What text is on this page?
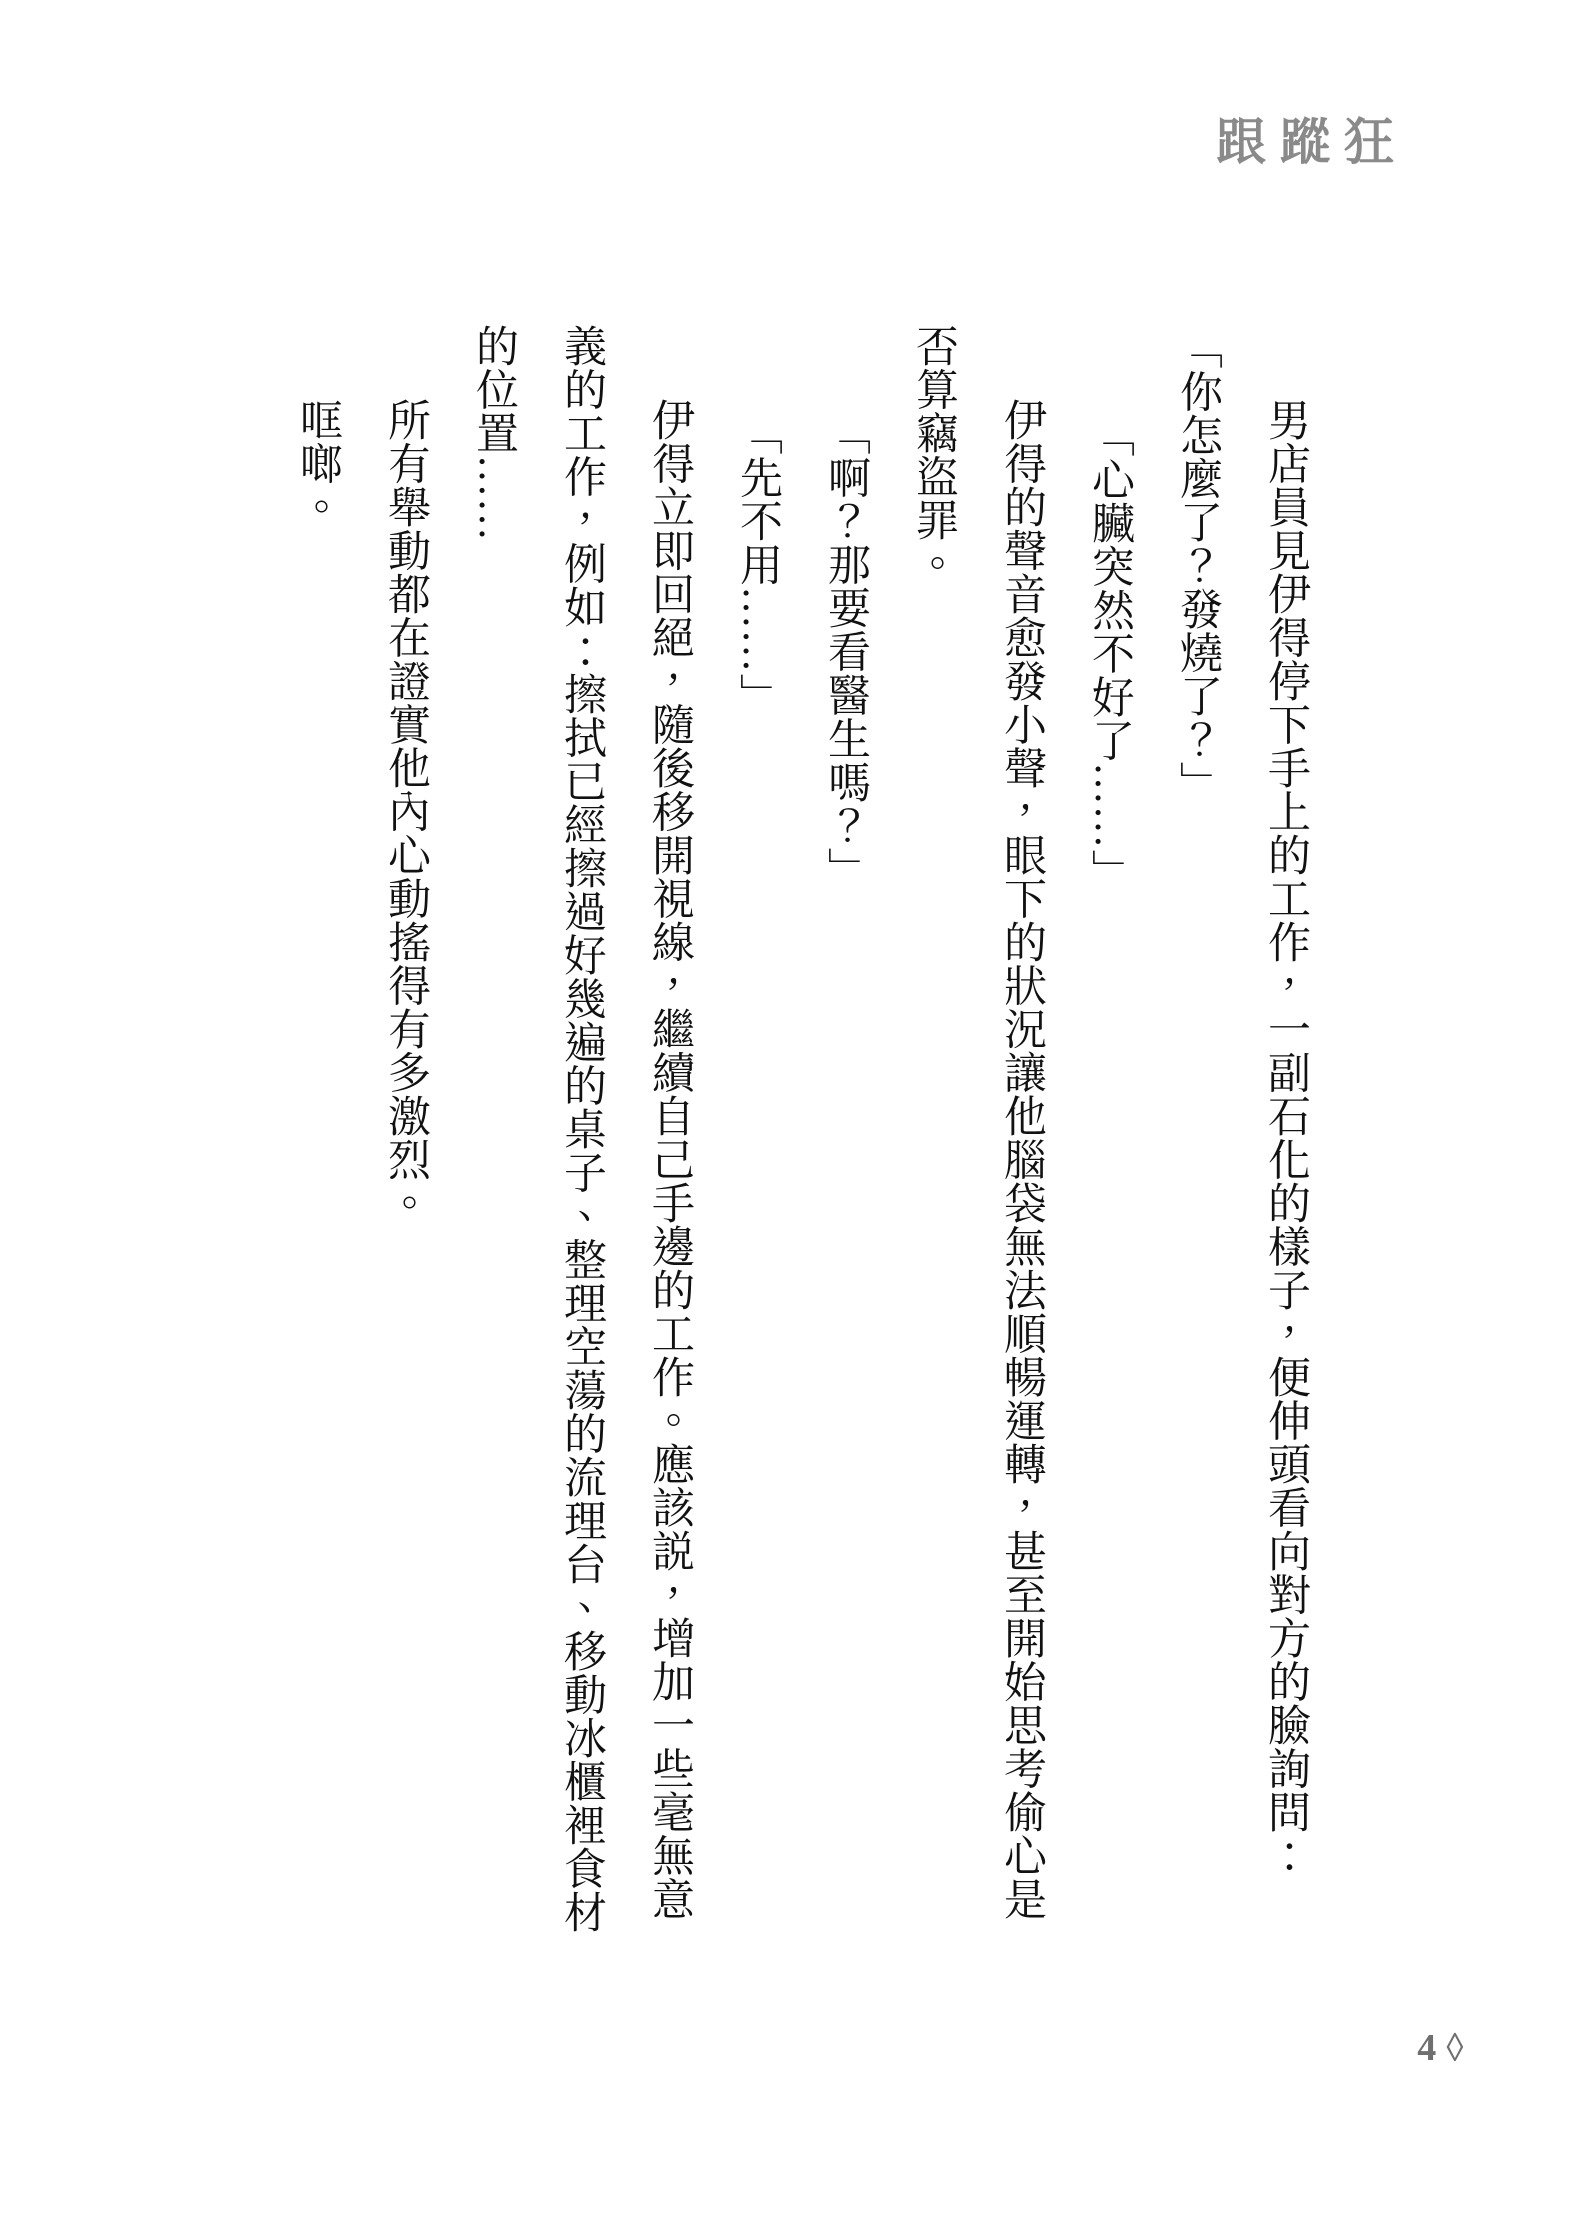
跟蹤狂
男店員見伊得停下手上的工作，一副石化的樣子，便伸頭看向對方的臉詢問：
「你怎麼了？發燒了？」
「心臟突然不好了……」
伊得的聲音愈發小聲，眼下的狀況讓他腦袋無法順暢運轉，甚至開始思考偷心是
否算竊盜罪。
「啊？那要看醫生嗎？」
「先不用……」
伊得立即回絕，隨後移開視線，繼續自己手邊的工作。應該説，增加一些毫無意
義的工作，例如：擦拭已經擦過好幾遍的桌子、整理空蕩的流理台、移動冰櫃裡食材
的位置……
所有舉動都在證實他內心動搖得有多激烈。
哐啷。
4 ◊
